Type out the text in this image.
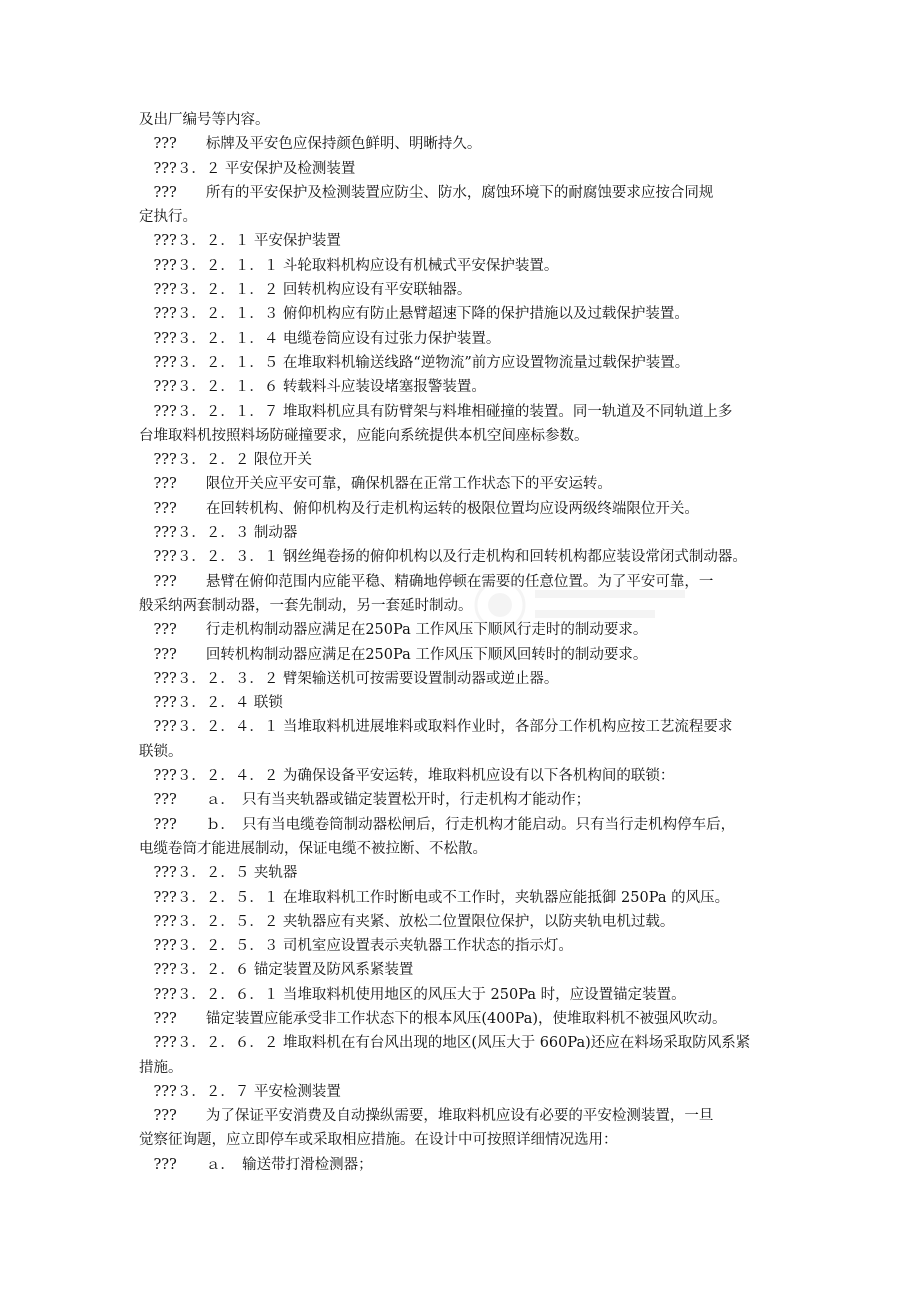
及出厂编号等内容。
　???　　标牌及平安色应保持颜色鲜明、明晰持久。
　???３．２ 平安保护及检测装置
　???　　所有的平安保护及检测装置应防尘、防水，腐蚀环境下的耐腐蚀要求应按合同规
定执行。
　???３．２．１ 平安保护装置
　???３．２．１．１ 斗轮取料机构应设有机械式平安保护装置。
　???３．２．１．２ 回转机构应设有平安联轴器。
　???３．２．１．３ 俯仰机构应有防止悬臂超速下降的保护措施以及过载保护装置。
　???３．２．１．４ 电缆卷筒应设有过张力保护装置。
　???３．２．１．５ 在堆取料机输送线路“逆物流”前方应设置物流量过载保护装置。
　???３．２．１．６ 转载料斗应装设堵塞报警装置。
　???３．２．１．７ 堆取料机应具有防臂架与料堆相碰撞的装置。同一轨道及不同轨道上多
台堆取料机按照料场防碰撞要求，应能向系统提供本机空间座标参数。
　???３．２．２ 限位开关
　???　　限位开关应平安可靠，确保机器在正常工作状态下的平安运转。
　???　　在回转机构、俯仰机构及行走机构运转的极限位置均应设两级终端限位开关。
　???３．２．３ 制动器
　???３．２．３．１ 钢丝绳卷扬的俯仰机构以及行走机构和回转机构都应装设常闭式制动器。
　???　　悬臂在俯仰范围内应能平稳、精确地停顿在需要的任意位置。为了平安可靠，一
般采纳两套制动器，一套先制动，另一套延时制动。
　???　　行走机构制动器应满足在250Pa 工作风压下顺风行走时的制动要求。
　???　　回转机构制动器应满足在250Pa 工作风压下顺风回转时的制动要求。
　???３．２．３．２ 臂架输送机可按需要设置制动器或逆止器。
　???３．２．４ 联锁
　???３．２．４．１ 当堆取料机进展堆料或取料作业时，各部分工作机构应按工艺流程要求
联锁。
　???３．２．４．２ 为确保设备平安运转，堆取料机应设有以下各机构间的联锁：
　???　　ａ．　只有当夹轨器或锚定装置松开时，行走机构才能动作；
　???　　ｂ．　只有当电缆卷筒制动器松闸后，行走机构才能启动。只有当行走机构停车后，
电缆卷筒才能进展制动，保证电缆不被拉断、不松散。
　???３．２．５ 夹轨器
　???３．２．５．１ 在堆取料机工作时断电或不工作时，夹轨器应能抵御 250Pa 的风压。
　???３．２．５．２ 夹轨器应有夹紧、放松二位置限位保护，以防夹轨电机过载。
　???３．２．５．３ 司机室应设置表示夹轨器工作状态的指示灯。
　???３．２．６ 锚定装置及防风系紧装置
　???３．２．６．１ 当堆取料机使用地区的风压大于 250Pa 时，应设置锚定装置。
　???　　锚定装置应能承受非工作状态下的根本风压(400Pa)，使堆取料机不被强风吹动。
　???３．２．６．２ 堆取料机在有台风出现的地区(风压大于 660Pa)还应在料场采取防风系紧
措施。
　???３．２．７ 平安检测装置
　???　　为了保证平安消费及自动操纵需要，堆取料机应设有必要的平安检测装置，一旦
觉察征询题，应立即停车或采取相应措施。在设计中可按照详细情况选用：
　???　　ａ．　输送带打滑检测器；
